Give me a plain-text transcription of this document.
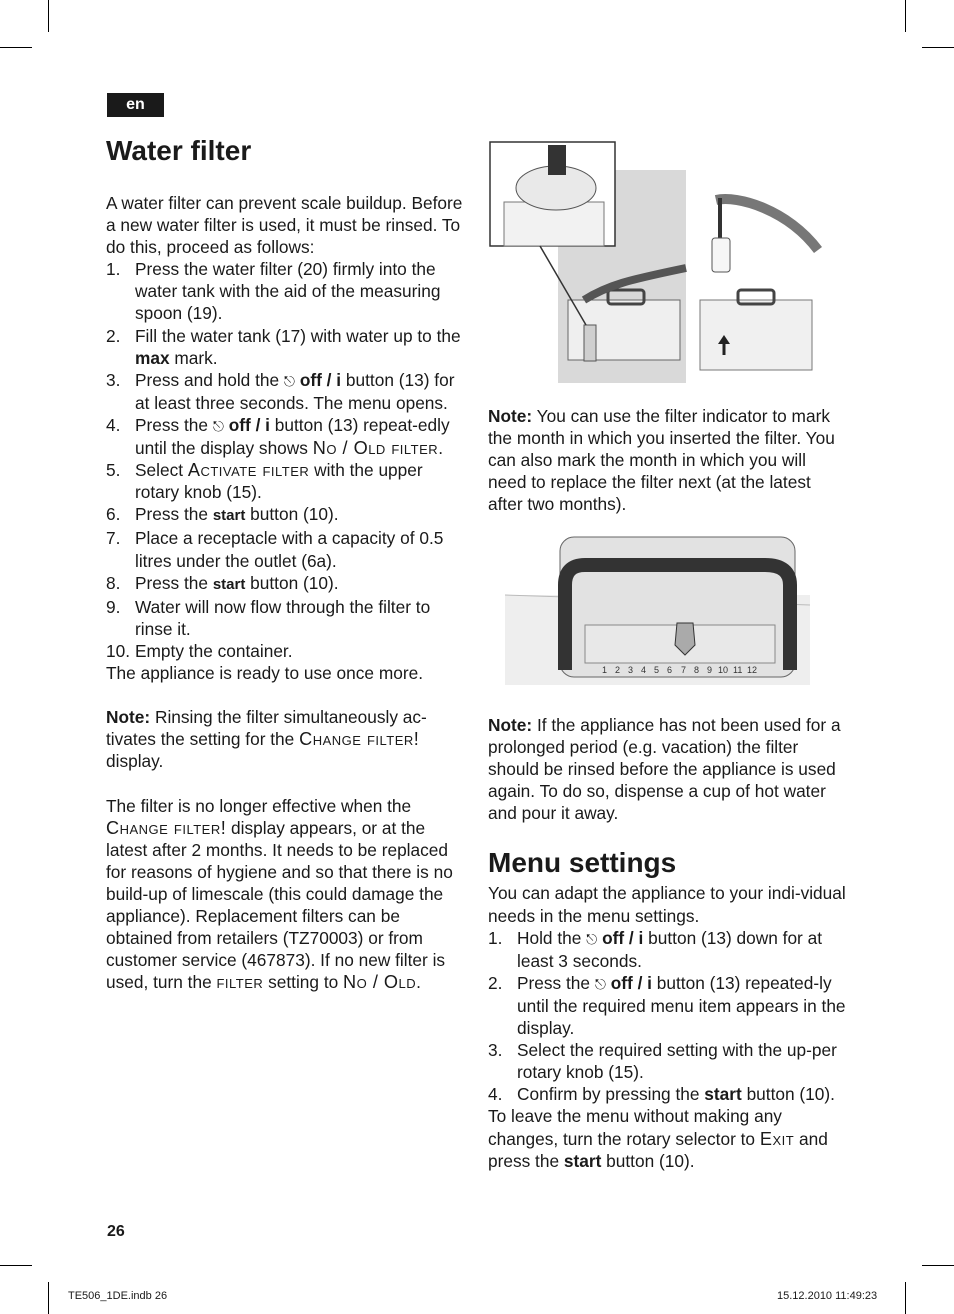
en
Water filter

A water filter can prevent scale buildup. Before a new water filter is used, it must be rinsed. To do this, proceed as follows:

1. Press the water filter (20) firmly into the water tank with the aid of the measuring spoon (19).
2. Fill the water tank (17) with water up to the max mark.
3. Press and hold the ⎋ off / i button (13) for at least three seconds. The menu opens.
4. Press the ⎋ off / i button (13) repeat-edly until the display shows No / Old filter.
5. Select Activate filter with the upper rotary knob (15).
6. Press the start button (10).
7. Place a receptacle with a capacity of 0.5 litres under the outlet (6a).
8. Press the start button (10).
9. Water will now flow through the filter to rinse it.
10. Empty the container.

The appliance is ready to use once more.

Note: Rinsing the filter simultaneously ac-tivates the setting for the Change filter! display.

The filter is no longer effective when the Change filter! display appears, or at the latest after 2 months. It needs to be replaced for reasons of hygiene and so that there is no build-up of limescale (this could damage the appliance). Replacement filters can be obtained from retailers (TZ70003) or from customer service (467873). If no new filter is used, turn the filter setting to No / Old.

Note: You can use the filter indicator to mark the month in which you inserted the filter. You can also mark the month in which you will need to replace the filter next (at the latest after two months).

1 2 3 4 5 6 7 8 9 10 11 12

Note: If the appliance has not been used for a prolonged period (e.g. vacation) the filter should be rinsed before the appliance is used again. To do so, dispense a cup of hot water and pour it away.

Menu settings

You can adapt the appliance to your indi-vidual needs in the menu settings.

1. Hold the ⎋ off / i button (13) down for at least 3 seconds.
2. Press the ⎋ off / i button (13) repeated-ly until the required menu item appears in the display.
3. Select the required setting with the up-per rotary knob (15).
4. Confirm by pressing the start button (10).

To leave the menu without making any changes, turn the rotary selector to Exit and press the start button (10).

26
TE506_1DE.indb 26	15.12.2010 11:49:23
